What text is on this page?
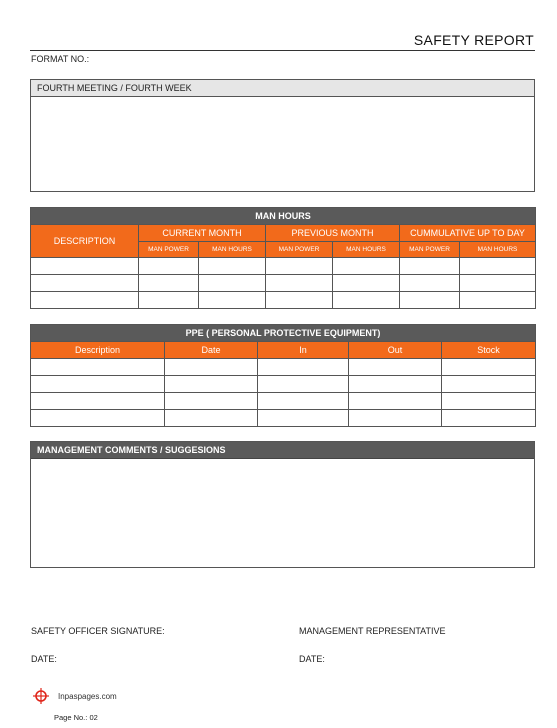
SAFETY REPORT
FORMAT NO.:
FOURTH MEETING / FOURTH WEEK
MAN HOURS						
DESCRIPTION	CURRENT MONTH		PREVIOUS MONTH		CUMMULATIVE UP TO DAY	
	MAN POWER	MAN HOURS	MAN POWER	MAN HOURS	MAN POWER	MAN HOURS

PPE ( PERSONAL PROTECTIVE EQUIPMENT)				
Description	Date	In	Out	Stock

MANAGEMENT COMMENTS / SUGGESIONS
SAFETY OFFICER SIGNATURE:	MANAGEMENT REPRESENTATIVE
DATE:	DATE:
Inpaspages.com
Page No.: 02
